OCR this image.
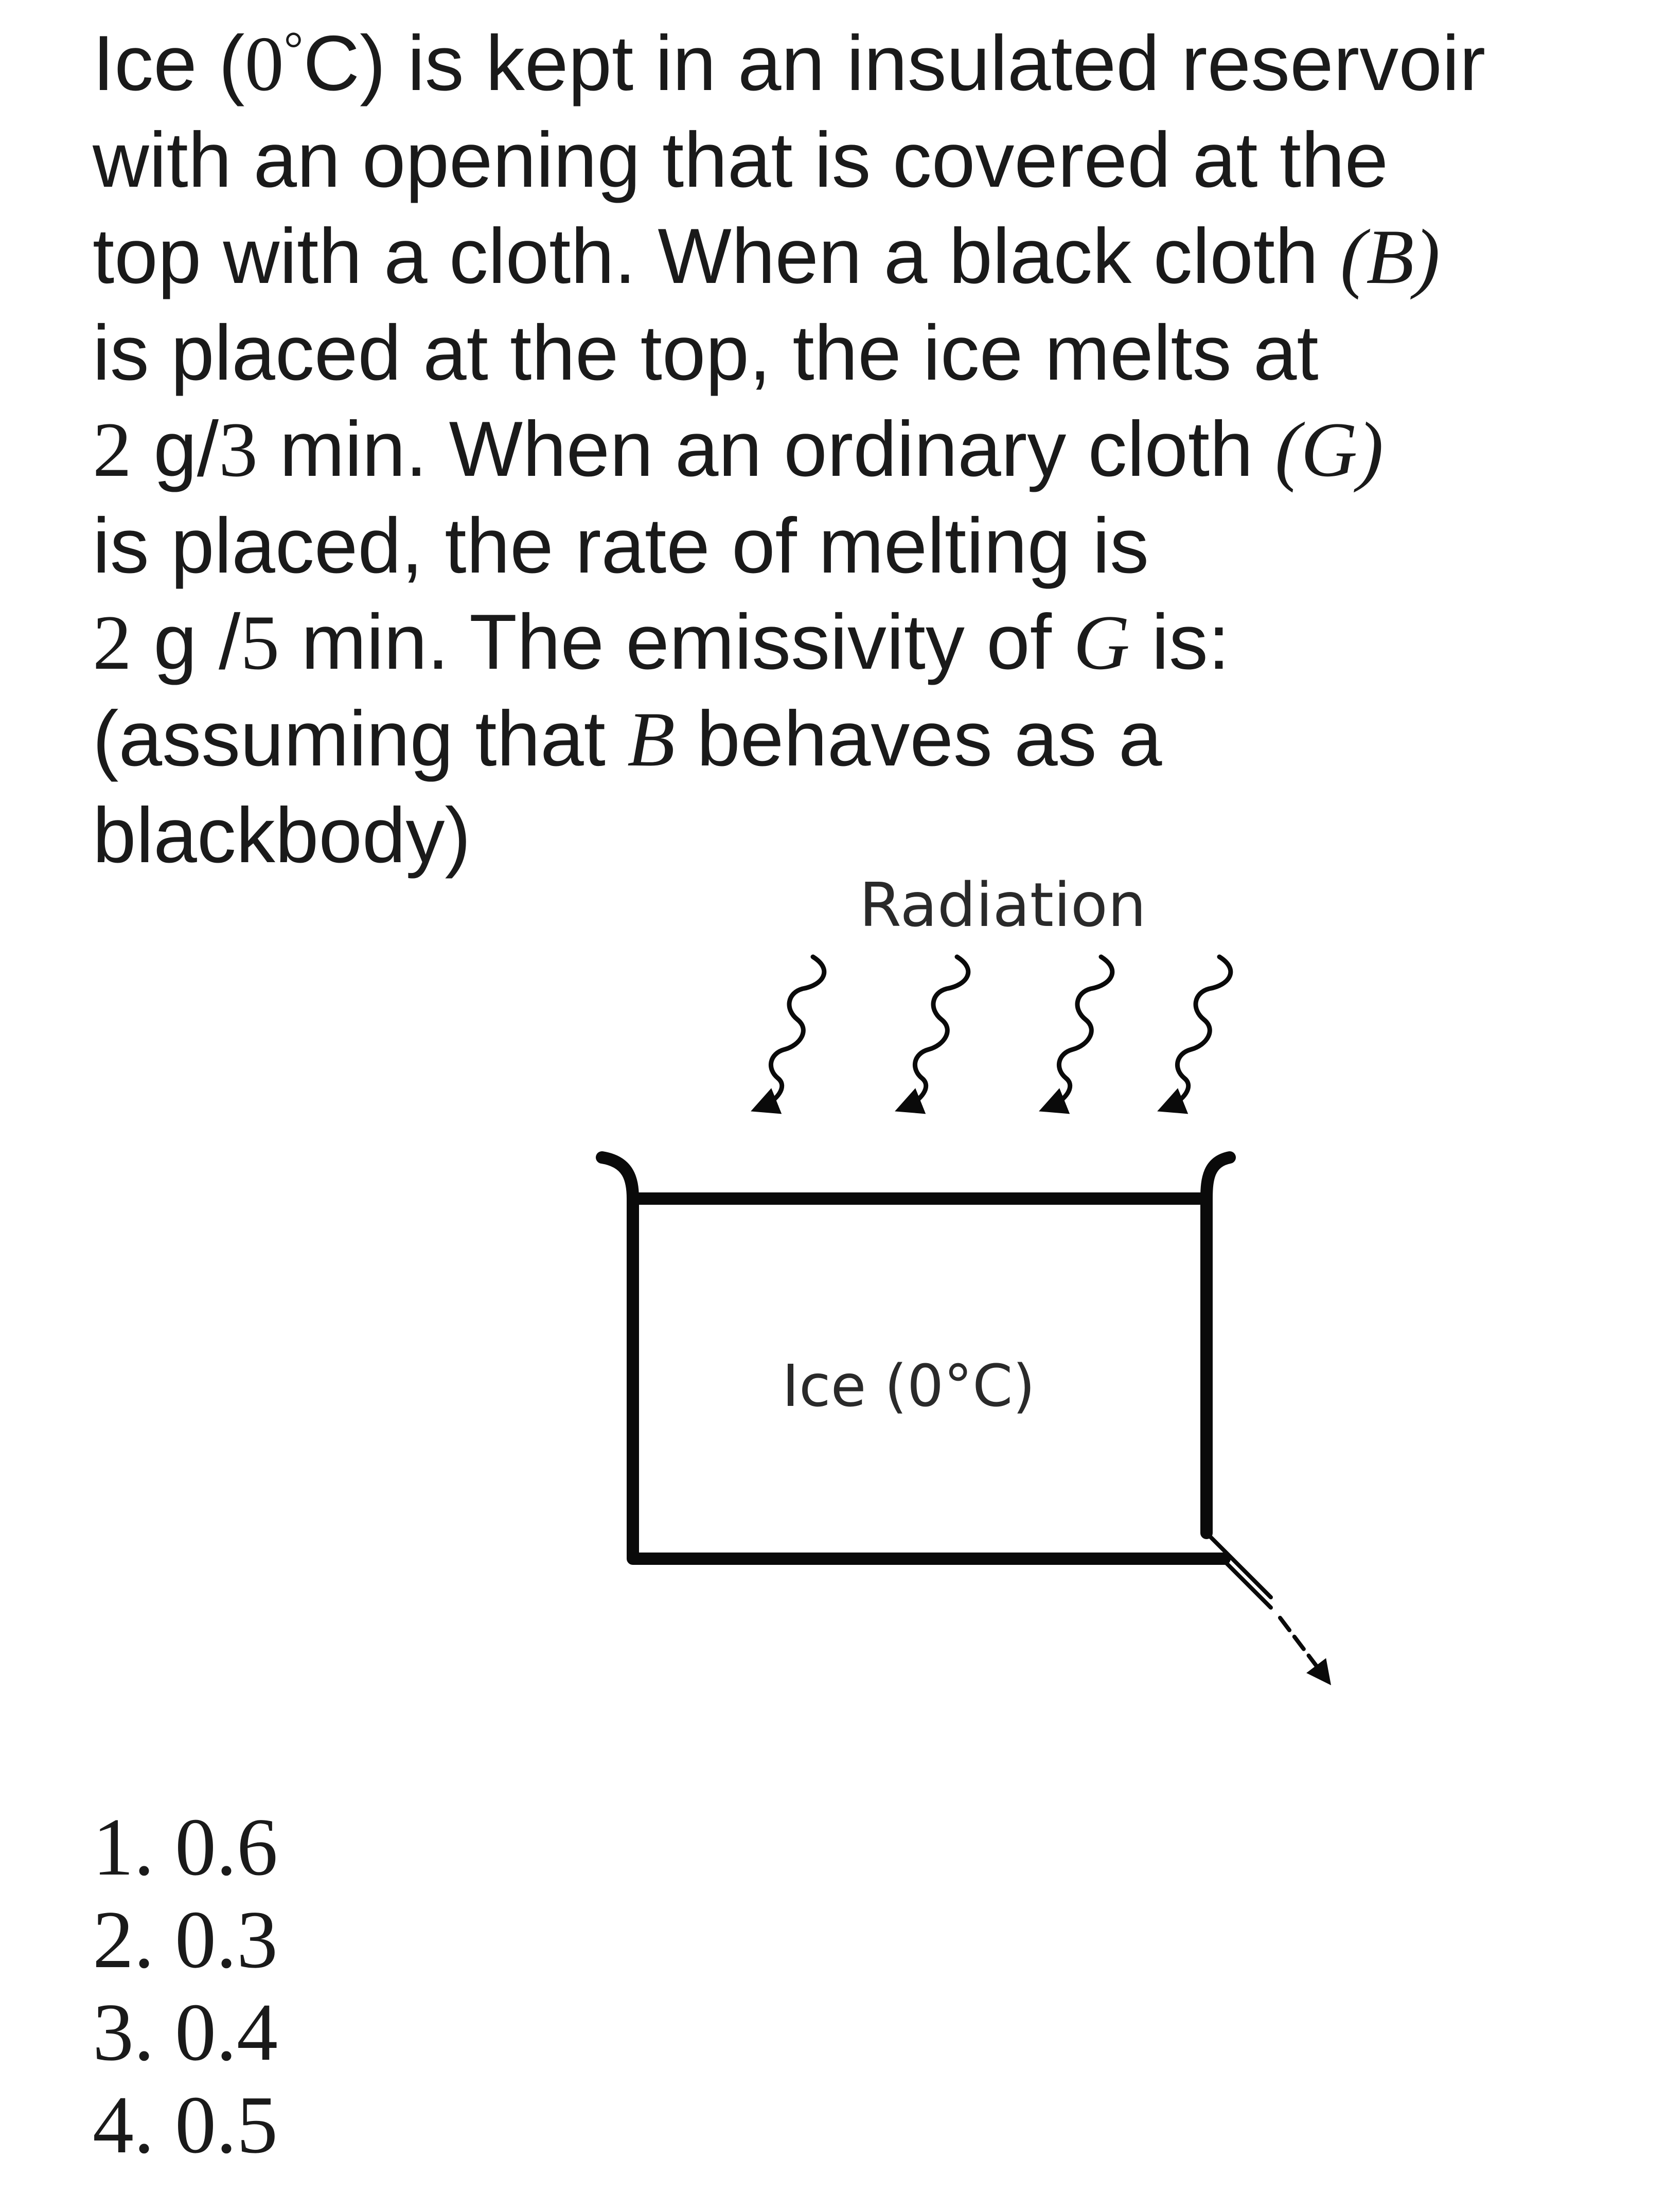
Ice (0°C) is kept in an insulated reservoir
with an opening that is covered at the
top with a cloth. When a black cloth (B)
is placed at the top, the ice melts at
2 g/3 min. When an ordinary cloth (G)
is placed, the rate of melting is
2 g /5 min. The emissivity of G is:
(assuming that B behaves as a
blackbody)
Radiation
Ice (0°C)
1. 0.6
2. 0.3
3. 0.4
4. 0.5
